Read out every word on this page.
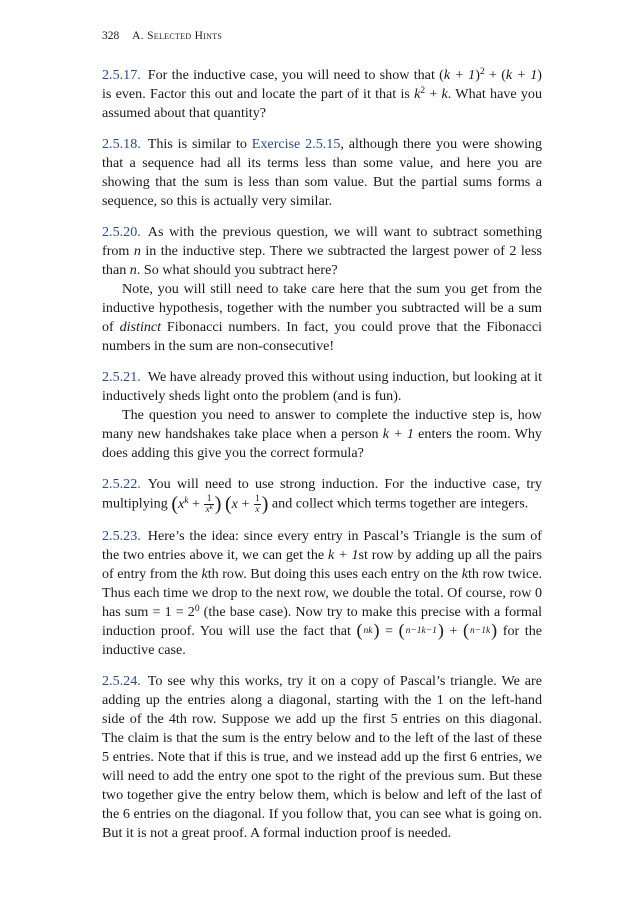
328 A. Selected Hints

2.5.17. For the inductive case, you will need to show that $(k + 1)^2 + (k + 1)$ is even. Factor this out and locate the part of it that is $k^2 + k$. What have you assumed about that quantity?

2.5.18. This is similar to Exercise 2.5.15, although there you were showing that a sequence had all its terms less than some value, and here you are showing that the sum is less than som value. But the partial sums forms a sequence, so this is actually very similar.

2.5.20. As with the previous question, we will want to subtract something from n in the inductive step. There we subtracted the largest power of 2 less than n. So what should you subtract here?

Note, you will still need to take care here that the sum you get from the inductive hypothesis, together with the number you subtracted will be a sum of distinct Fibonacci numbers. In fact, you could prove that the Fibonacci numbers in the sum are non-consecutive!

2.5.21. We have already proved this without using induction, but looking at it inductively sheds light onto the problem (and is fun).

The question you need to answer to complete the inductive step is, how many new handshakes take place when a person k + 1 enters the room. Why does adding this give you the correct formula?

2.5.22. You will need to use strong induction. For the inductive case, try multiplying ($x^k + \frac{1}{x^k}$ ) ($x + \frac{1}{x}$ ) and collect which terms together are integers.

2.5.23. Here’s the idea: since every entry in Pascal’s Triangle is the sum of the two entries above it, we can get the k + 1st row by adding up all the pairs of entry from the kth row. But doing this uses each entry on the kth row twice. Thus each time we drop to the next row, we double the total. Of course, row 0 has sum = $1 = 2^0$ (the base case). Now try to make this precise with a formal induction proof. You will use the fact that (nk) = (n−1k−1) + (n−1k) for the inductive case.

2.5.24. To see why this works, try it on a copy of Pascal’s triangle. We are adding up the entries along a diagonal, starting with the 1 on the left-hand side of the 4th row. Suppose we add up the first 5 entries on this diagonal. The claim is that the sum is the entry below and to the left of the last of these 5 entries. Note that if this is true, and we instead add up the first 6 entries, we will need to add the entry one spot to the right of the previous sum. But these two together give the entry below them, which is below and left of the last of the 6 entries on the diagonal. If you follow that, you can see what is going on. But it is not a great proof. A formal induction proof is needed.
